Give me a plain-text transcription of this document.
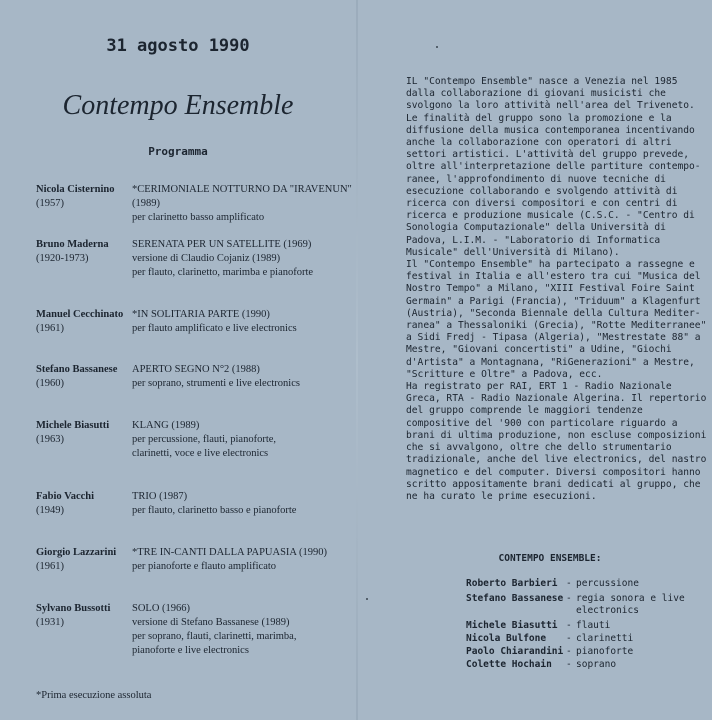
31 agosto 1990
Contempo Ensemble
Programma
Nicola Cisternino
(1957)
*CERIMONIALE NOTTURNO DA "IRAVENUN" (1989)
per clarinetto basso amplificato
Bruno Maderna
(1920-1973)
SERENATA PER UN SATELLITE (1969)
versione di Claudio Cojaniz (1989)
per flauto, clarinetto, marimba e pianoforte
Manuel Cecchinato
(1961)
*IN SOLITARIA PARTE (1990)
per flauto amplificato e live electronics
Stefano Bassanese
(1960)
APERTO SEGNO N°2 (1988)
per soprano, strumenti e live electronics
Michele Biasutti
(1963)
KLANG (1989)
per percussione, flauti, pianoforte,
clarinetti, voce e live electronics
Fabio Vacchi
(1949)
TRIO (1987)
per flauto, clarinetto basso e pianoforte
Giorgio Lazzarini
(1961)
*TRE IN-CANTI DALLA PAPUASIA (1990)
per pianoforte e flauto amplificato
Sylvano Bussotti
(1931)
SOLO (1966)
versione di Stefano Bassanese (1989)
per soprano, flauti, clarinetti, marimba,
pianoforte e live electronics
*Prima esecuzione assoluta
IL "Contempo Ensemble" nasce a Venezia nel 1985
dalla collaborazione di giovani musicisti che
svolgono la loro attività nell'area del Triveneto.
Le finalità del gruppo sono la promozione e la
diffusione della musica contemporanea incentivando
anche la collaborazione con operatori di altri
settori artistici. L'attività del gruppo prevede,
oltre all'interpretazione delle partiture contempo-
ranee, l'approfondimento di nuove tecniche di
esecuzione collaborando e svolgendo attività di
ricerca con diversi compositori e con centri di
ricerca e produzione musicale (C.S.C. - "Centro di
Sonologia Computazionale" della Università di
Padova, L.I.M. - "Laboratorio di Informatica
Musicale" dell'Università di Milano).
Il "Contempo Ensemble" ha partecipato a rassegne e
festival in Italia e all'estero tra cui "Musica del
Nostro Tempo" a Milano, "XIII Festival Foire Saint
Germain" a Parigi (Francia), "Triduum" a Klagenfurt
(Austria), "Seconda Biennale della Cultura Mediter-
ranea" a Thessaloniki (Grecia), "Rotte Mediterranee"
a Sidi Fredj - Tipasa (Algeria), "Mestrestate 88" a
Mestre, "Giovani concertisti" a Udine, "Giochi
d'Artista" a Montagnana, "RiGenerazioni" a Mestre,
"Scritture e Oltre" a Padova, ecc.
Ha registrato per RAI, ERT 1 - Radio Nazionale
Greca, RTA - Radio Nazionale Algerina. Il repertorio
del gruppo comprende le maggiori tendenze
compositive del '900 con particolare riguardo a
brani di ultima produzione, non escluse composizioni
che si avvalgono, oltre che dello strumentario
tradizionale, anche del live electronics, del nastro
magnetico e del computer. Diversi compositori hanno
scritto appositamente brani dedicati al gruppo, che
ne ha curato le prime esecuzioni.
CONTEMPO ENSEMBLE:
Roberto Barbieri - percussione
Stefano Bassanese - regia sonora e live electronics
Michele Biasutti - flauti
Nicola Bulfone	- clarinetti
Paolo Chiarandini - pianoforte
Colette Hochain	- soprano
